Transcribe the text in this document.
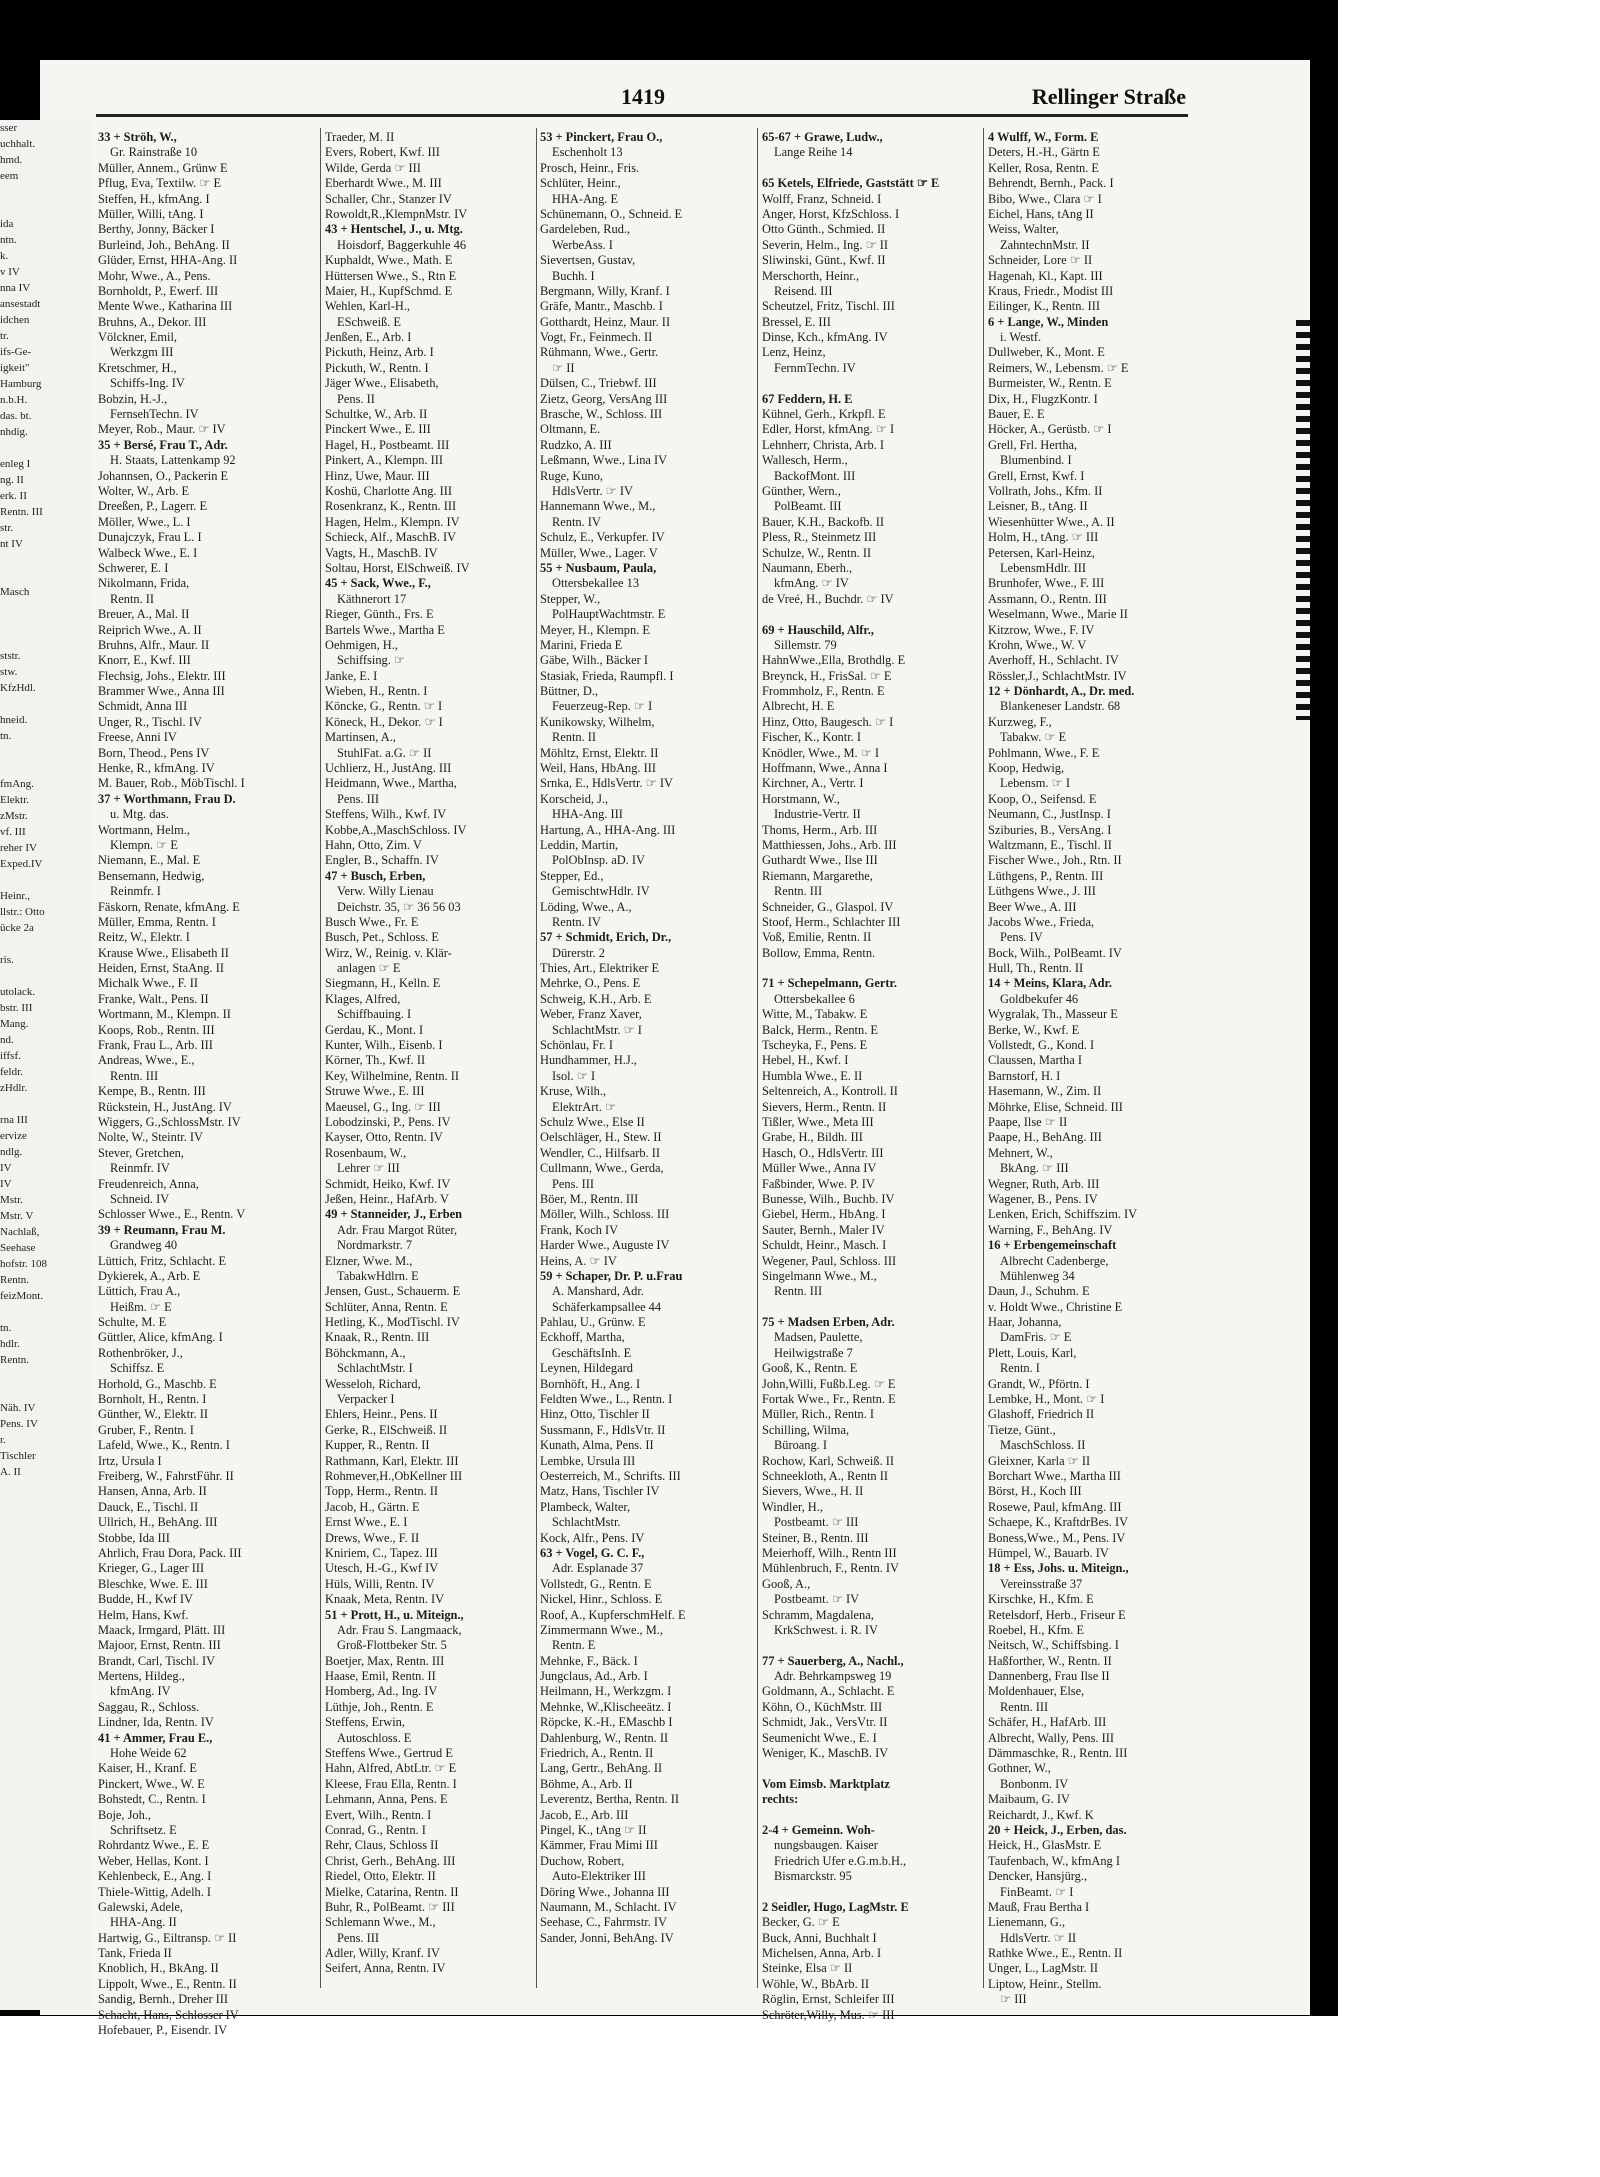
sser
uchhalt.
hmd.
eem
ida
ntn.
k.
v IV
nna IV
ansestadt
idchen
tr.
ifs-Ge-
igkeit"
Hamburg
n.b.H.
das. bt.
nhdig.
enleg I
ng. II
erk. II
Rentn. III
str.
nt IV
Masch
ststr.
stw.
KfzHdl.
hneid.
tn.
fmAng.
Elektr.
zMstr.
vf. III
reher IV
Exped.IV
Heinr.,
llstr.: Otto
ücke 2a
ris.
utolack.
bstr. III
Mang.
nd.
iffsf.
feldr.
zHdlr.
rna III
ervize
ndlg.
IV
IV
Mstr.
Mstr. V
Nachlaß,
Seehase
hofstr. 108
Rentn.
feizMont.
tn.
hdlr.
Rentn.
Näh. IV
Pens. IV
r.
Tischler
A. II
1419	Rellinger Straße
33 + Ströh, W.,
Gr. Rainstraße 10
Müller, Annem., Grünw E
Pflug, Eva, Textilw. ☞ E
Steffen, H., kfmAng. I
Müller, Willi, tAng. I
Berthy, Jonny, Bäcker I
Burleind, Joh., BehAng. II
Glüder, Ernst, HHA-Ang. II
Mohr, Wwe., A., Pens.
Bornholdt, P., Ewerf. III
Mente Wwe., Katharina III
Bruhns, A., Dekor. III
Völckner, Emil,
Werkzgm III
Kretschmer, H.,
Schiffs-Ing. IV
Bobzin, H.-J.,
FernsehTechn. IV
Meyer, Rob., Maur. ☞ IV
35 + Bersé, Frau T., Adr.
H. Staats, Lattenkamp 92
Johannsen, O., Packerin E
Wolter, W., Arb. E
Dreeßen, P., Lagerr. E
Möller, Wwe., L. I
Dunajczyk, Frau L. I
Walbeck Wwe., E. I
Schwerer, E. I
Nikolmann, Frida,
Rentn. II
Breuer, A., Mal. II
Reiprich Wwe., A. II
Bruhns, Alfr., Maur. II
Knorr, E., Kwf. III
Flechsig, Johs., Elektr. III
Brammer Wwe., Anna III
Schmidt, Anna III
Unger, R., Tischl. IV
Freese, Anni IV
Born, Theod., Pens IV
Henke, R., kfmAng. IV
M. Bauer, Rob., MöbTischl. I
37 + Worthmann, Frau D.
u. Mtg. das.
Wortmann, Helm.,
Klempn. ☞ E
Niemann, E., Mal. E
Bensemann, Hedwig,
Reinmfr. I
Fäskorn, Renate, kfmAng. E
Müller, Emma, Rentn. I
Reitz, W., Elektr. I
Krause Wwe., Elisabeth II
Heiden, Ernst, StaAng. II
Michalk Wwe., F. II
Franke, Walt., Pens. II
Wortmann, M., Klempn. II
Koops, Rob., Rentn. III
Frank, Frau L., Arb. III
Andreas, Wwe., E.,
Rentn. III
Kempe, B., Rentn. III
Rückstein, H., JustAng. IV
Wiggers, G.,SchlossMstr. IV
Nolte, W., Steintr. IV
Stever, Gretchen,
Reinmfr. IV
Freudenreich, Anna,
Schneid. IV
Schlosser Wwe., E., Rentn. V
39 + Reumann, Frau M.
Grandweg 40
Lüttich, Fritz, Schlacht. E
Dykierek, A., Arb. E
Lüttich, Frau A.,
Heißm. ☞ E
Schulte, M. E
Güttler, Alice, kfmAng. I
Rothenbröker, J.,
Schiffsz. E
Horhold, G., Maschb. E
Bornholt, H., Rentn. I
Günther, W., Elektr. II
Gruber, F., Rentn. I
Lafeld, Wwe., K., Rentn. I
Irtz, Ursula I
Freiberg, W., FahrstFühr. II
Hansen, Anna, Arb. II
Dauck, E., Tischl. II
Ullrich, H., BehAng. III
Stobbe, Ida III
Ahrlich, Frau Dora, Pack. III
Krieger, G., Lager III
Bleschke, Wwe. E. III
Budde, H., Kwf IV
Helm, Hans, Kwf.
Maack, Irmgard, Plätt. III
Majoor, Ernst, Rentn. III
Brandt, Carl, Tischl. IV
Mertens, Hildeg.,
kfmAng. IV
Saggau, R., Schloss.
Lindner, Ida, Rentn. IV
41 + Ammer, Frau E.,
Hohe Weide 62
Kaiser, H., Kranf. E
Pinckert, Wwe., W. E
Bohstedt, C., Rentn. I
Boje, Joh.,
Schriftsetz. E
Rohrdantz Wwe., E. E
Weber, Hellas, Kont. I
Kehlenbeck, E., Ang. I
Thiele-Wittig, Adelh. I
Galewski, Adele,
HHA-Ang. II
Hartwig, G., Eiltransp. ☞ II
Tank, Frieda II
Knoblich, H., BkAng. II
Lippolt, Wwe., E., Rentn. II
Sandig, Bernh., Dreher III
Schacht, Hans, Schlosser IV
Hofebauer, P., Eisendr. IV
Traeder, M. II
Evers, Robert, Kwf. III
Wilde, Gerda ☞ III
Eberhardt Wwe., M. III
Schaller, Chr., Stanzer IV
Rowoldt,R.,KlempnMstr. IV
43 + Hentschel, J., u. Mtg.
Hoisdorf, Baggerkuhle 46
Kuphaldt, Wwe., Math. E
Hüttersen Wwe., S., Rtn E
Maier, H., KupfSchmd. E
Wehlen, Karl-H.,
ESchweiß. E
Jenßen, E., Arb. I
Pickuth, Heinz, Arb. I
Pickuth, W., Rentn. I
Jäger Wwe., Elisabeth,
Pens. II
Schultke, W., Arb. II
Pinckert Wwe., E. III
Hagel, H., Postbeamt. III
Pinkert, A., Klempn. III
Hinz, Uwe, Maur. III
Koshü, Charlotte Ang. III
Rosenkranz, K., Rentn. III
Hagen, Helm., Klempn. IV
Schieck, Alf., MaschB. IV
Vagts, H., MaschB. IV
Soltau, Horst, ElSchweiß. IV
45 + Sack, Wwe., F.,
Käthnerort 17
Rieger, Günth., Frs. E
Bartels Wwe., Martha E
Oehmigen, H.,
Schiffsing. ☞
Janke, E. I
Wieben, H., Rentn. I
Köncke, G., Rentn. ☞ I
Köneck, H., Dekor. ☞ I
Martinsen, A.,
StuhlFat. a.G. ☞ II
Uchlierz, H., JustAng. III
Heidmann, Wwe., Martha,
Pens. III
Steffens, Wilh., Kwf. IV
Kobbe,A.,MaschSchloss. IV
Hahn, Otto, Zim. V
Engler, B., Schaffn. IV
47 + Busch, Erben,
Verw. Willy Lienau
Deichstr. 35, ☞ 36 56 03
Busch Wwe., Fr. E
Busch, Pet., Schloss. E
Wirz, W., Reinig. v. Klär-
anlagen ☞ E
Siegmann, H., Kelln. E
Klages, Alfred,
Schiffbauing. I
Gerdau, K., Mont. I
Kunter, Wilh., Eisenb. I
Körner, Th., Kwf. II
Key, Wilhelmine, Rentn. II
Struwe Wwe., E. III
Maeusel, G., Ing. ☞ III
Lobodzinski, P., Pens. IV
Kayser, Otto, Rentn. IV
Rosenbaum, W.,
Lehrer ☞ III
Schmidt, Heiko, Kwf. IV
Jeßen, Heinr., HafArb. V
49 + Stanneider, J., Erben
Adr. Frau Margot Rüter,
Nordmarkstr. 7
Elzner, Wwe. M.,
TabakwHdlrn. E
Jensen, Gust., Schauerm. E
Schlüter, Anna, Rentn. E
Hetling, K., ModTischl. IV
Knaak, R., Rentn. III
Böhckmann, A.,
SchlachtMstr. I
Wesseloh, Richard,
Verpacker I
Ehlers, Heinr., Pens. II
Gerke, R., ElSchweiß. II
Kupper, R., Rentn. II
Rathmann, Karl, Elektr. III
Rohmever,H.,ObKellner III
Topp, Herm., Rentn. II
Jacob, H., Gärtn. E
Ernst Wwe., E. I
Drews, Wwe., F. II
Kniriem, C., Tapez. III
Utesch, H.-G., Kwf IV
Hüls, Willi, Rentn. IV
Knaak, Meta, Rentn. IV
51 + Prott, H., u. Miteign.,
Adr. Frau S. Langmaack,
Groß-Flottbeker Str. 5
Boetjer, Max, Rentn. III
Haase, Emil, Rentn. II
Homberg, Ad., Ing. IV
Lüthje, Joh., Rentn. E
Steffens, Erwin,
Autoschloss. E
Steffens Wwe., Gertrud E
Hahn, Alfred, AbtLtr. ☞ E
Kleese, Frau Ella, Rentn. I
Lehmann, Anna, Pens. E
Evert, Wilh., Rentn. I
Conrad, G., Rentn. I
Rehr, Claus, Schloss II
Christ, Gerh., BehAng. III
Riedel, Otto, Elektr. II
Mielke, Catarina, Rentn. II
Buhr, R., PolBeamt. ☞ III
Schlemann Wwe., M.,
Pens. III
Adler, Willy, Kranf. IV
Seifert, Anna, Rentn. IV
53 + Pinckert, Frau O.,
Eschenholt 13
Prosch, Heinr., Fris.
Schlüter, Heinr.,
HHA-Ang. E
Schünemann, O., Schneid. E
Gardeleben, Rud.,
WerbeAss. I
Sievertsen, Gustav,
Buchh. I
Bergmann, Willy, Kranf. I
Gräfe, Mantr., Maschb. I
Gotthardt, Heinz, Maur. II
Vogt, Fr., Feinmech. II
Rühmann, Wwe., Gertr.
☞ II
Dülsen, C., Triebwf. III
Zietz, Georg, VersAng III
Brasche, W., Schloss. III
Oltmann, E.
Rudzko, A. III
Leßmann, Wwe., Lina IV
Ruge, Kuno,
HdlsVertr. ☞ IV
Hannemann Wwe., M.,
Rentn. IV
Schulz, E., Verkupfer. IV
Müller, Wwe., Lager. V
55 + Nusbaum, Paula,
Ottersbekallee 13
Stepper, W.,
PolHauptWachtmstr. E
Meyer, H., Klempn. E
Marini, Frieda E
Gäbe, Wilh., Bäcker I
Stasiak, Frieda, Raumpfl. I
Büttner, D.,
Feuerzeug-Rep. ☞ I
Kunikowsky, Wilhelm,
Rentn. II
Möhltz, Ernst, Elektr. II
Weil, Hans, HbAng. III
Srnka, E., HdlsVertr. ☞ IV
Korscheid, J.,
HHA-Ang. III
Hartung, A., HHA-Ang. III
Leddin, Martin,
PolObInsp. aD. IV
Stepper, Ed.,
GemischtwHdlr. IV
Löding, Wwe., A.,
Rentn. IV
57 + Schmidt, Erich, Dr.,
Dürerstr. 2
Thies, Art., Elektriker E
Mehrke, O., Pens. E
Schweig, K.H., Arb. E
Weber, Franz Xaver,
SchlachtMstr. ☞ I
Schönlau, Fr. I
Hundhammer, H.J.,
Isol. ☞ I
Kruse, Wilh.,
ElektrArt. ☞
Schulz Wwe., Else II
Oelschläger, H., Stew. II
Wendler, C., Hilfsarb. II
Cullmann, Wwe., Gerda,
Pens. III
Böer, M., Rentn. III
Möller, Wilh., Schloss. III
Frank, Koch IV
Harder Wwe., Auguste IV
Heins, A. ☞ IV
59 + Schaper, Dr. P. u.Frau
A. Manshard, Adr.
Schäferkampsallee 44
Pahlau, U., Grünw. E
Eckhoff, Martha,
GeschäftsInh. E
Leynen, Hildegard
Bornhöft, H., Ang. I
Feldten Wwe., L., Rentn. I
Hinz, Otto, Tischler II
Sussmann, F., HdlsVtr. II
Kunath, Alma, Pens. II
Lembke, Ursula III
Oesterreich, M., Schrifts. III
Matz, Hans, Tischler IV
Plambeck, Walter,
SchlachtMstr.
Kock, Alfr., Pens. IV
63 + Vogel, G. C. F.,
Adr. Esplanade 37
Vollstedt, G., Rentn. E
Nickel, Hinr., Schloss. E
Roof, A., KupferschmHelf. E
Zimmermann Wwe., M.,
Rentn. E
Mehnke, F., Bäck. I
Jungclaus, Ad., Arb. I
Heilmann, H., Werkzgm. I
Mehnke, W.,Klischeeätz. I
Röpcke, K.-H., EMaschb I
Dahlenburg, W., Rentn. II
Friedrich, A., Rentn. II
Lang, Gertr., BehAng. II
Böhme, A., Arb. II
Leverentz, Bertha, Rentn. II
Jacob, E., Arb. III
Pingel, K., tAng ☞ II
Kämmer, Frau Mimi III
Duchow, Robert,
Auto-Elektriker III
Döring Wwe., Johanna III
Naumann, M., Schlacht. IV
Seehase, C., Fahrmstr. IV
Sander, Jonni, BehAng. IV
65-67 + Grawe, Ludw.,
Lange Reihe 14
65 Ketels, Elfriede, Gaststätt ☞ E
Wolff, Franz, Schneid. I
Anger, Horst, KfzSchloss. I
Otto Günth., Schmied. II
Severin, Helm., Ing. ☞ II
Sliwinski, Günt., Kwf. II
Merschorth, Heinr.,
Reisend. III
Scheutzel, Fritz, Tischl. III
Bressel, E. III
Dinse, Kch., kfmAng. IV
Lenz, Heinz,
FernmTechn. IV
67 Feddern, H. E
Kühnel, Gerh., Krkpfl. E
Edler, Horst, kfmAng. ☞ I
Lehnherr, Christa, Arb. I
Wallesch, Herm.,
BackofMont. III
Günther, Wern.,
PolBeamt. III
Bauer, K.H., Backofb. II
Pless, R., Steinmetz III
Schulze, W., Rentn. II
Naumann, Eberh.,
kfmAng. ☞ IV
de Vreé, H., Buchdr. ☞ IV
69 + Hauschild, Alfr.,
Sillemstr. 79
HahnWwe.,Ella, Brothdlg. E
Breynck, H., FrisSal. ☞ E
Frommholz, F., Rentn. E
Albrecht, H. E
Hinz, Otto, Baugesch. ☞ I
Fischer, K., Kontr. I
Knödler, Wwe., M. ☞ I
Hoffmann, Wwe., Anna I
Kirchner, A., Vertr. I
Horstmann, W.,
Industrie-Vertr. II
Thoms, Herm., Arb. III
Matthiessen, Johs., Arb. III
Guthardt Wwe., Ilse III
Riemann, Margarethe,
Rentn. III
Schneider, G., Glaspol. IV
Stoof, Herm., Schlachter III
Voß, Emilie, Rentn. II
Bollow, Emma, Rentn.
71 + Schepelmann, Gertr.
Ottersbekallee 6
Witte, M., Tabakw. E
Balck, Herm., Rentn. E
Tscheyka, F., Pens. E
Hebel, H., Kwf. I
Humbla Wwe., E. II
Seltenreich, A., Kontroll. II
Sievers, Herm., Rentn. II
Tißler, Wwe., Meta III
Grabe, H., Bildh. III
Hasch, O., HdlsVertr. III
Müller Wwe., Anna IV
Faßbinder, Wwe. P. IV
Bunesse, Wilh., Buchb. IV
Giebel, Herm., HbAng. I
Sauter, Bernh., Maler IV
Schuldt, Heinr., Masch. I
Wegener, Paul, Schloss. III
Singelmann Wwe., M.,
Rentn. III
75 + Madsen Erben, Adr.
Madsen, Paulette,
Heilwigstraße 7
Gooß, K., Rentn. E
John,Willi, Fußb.Leg. ☞ E
Fortak Wwe., Fr., Rentn. E
Müller, Rich., Rentn. I
Schilling, Wilma,
Büroang. I
Rochow, Karl, Schweiß. II
Schneekloth, A., Rentn II
Sievers, Wwe., H. II
Windler, H.,
Postbeamt. ☞ III
Steiner, B., Rentn. III
Meierhoff, Wilh., Rentn III
Mühlenbruch, F., Rentn. IV
Gooß, A.,
Postbeamt. ☞ IV
Schramm, Magdalena,
KrkSchwest. i. R. IV
77 + Sauerberg, A., Nachl.,
Adr. Behrkampsweg 19
Goldmann, A., Schlacht. E
Köhn, O., KüchMstr. III
Schmidt, Jak., VersVtr. II
Seumenicht Wwe., E. I
Weniger, K., MaschB. IV
Vom Eimsb. Marktplatz
rechts:
2-4 + Gemeinn. Woh-
nungsbaugen. Kaiser
Friedrich Ufer e.G.m.b.H.,
Bismarckstr. 95
2 Seidler, Hugo, LagMstr. E
Becker, G. ☞ E
Buck, Anni, Buchhalt I
Michelsen, Anna, Arb. I
Steinke, Elsa ☞ II
Wöhle, W., BbArb. II
Röglin, Ernst, Schleifer III
Schröter,Willy, Mus. ☞ III
4 Wulff, W., Form. E
Deters, H.-H., Gärtn E
Keller, Rosa, Rentn. E
Behrendt, Bernh., Pack. I
Bibo, Wwe., Clara ☞ I
Eichel, Hans, tAng II
Weiss, Walter,
ZahntechnMstr. II
Schneider, Lore ☞ II
Hagenah, Kl., Kapt. III
Kraus, Friedr., Modist III
Eilinger, K., Rentn. III
6 + Lange, W., Minden
i. Westf.
Dullweber, K., Mont. E
Reimers, W., Lebensm. ☞ E
Burmeister, W., Rentn. E
Dix, H., FlugzKontr. I
Bauer, E. E
Höcker, A., Gerüstb. ☞ I
Grell, Frl. Hertha,
Blumenbind. I
Grell, Ernst, Kwf. I
Vollrath, Johs., Kfm. II
Leisner, B., tAng. II
Wiesenhütter Wwe., A. II
Holm, H., tAng. ☞ III
Petersen, Karl-Heinz,
LebensmHdlr. III
Brunhofer, Wwe., F. III
Assmann, O., Rentn. III
Weselmann, Wwe., Marie II
Kitzrow, Wwe., F. IV
Krohn, Wwe., W. V
Averhoff, H., Schlacht. IV
Rössler,J., SchlachtMstr. IV
12 + Dönhardt, A., Dr. med.
Blankeneser Landstr. 68
Kurzweg, F.,
Tabakw. ☞ E
Pohlmann, Wwe., F. E
Koop, Hedwig,
Lebensm. ☞ I
Koop, O., Seifensd. E
Neumann, C., JustInsp. I
Sziburies, B., VersAng. I
Waltzmann, E., Tischl. II
Fischer Wwe., Joh., Rtn. II
Lüthgens, P., Rentn. III
Lüthgens Wwe., J. III
Beer Wwe., A. III
Jacobs Wwe., Frieda,
Pens. IV
Bock, Wilh., PolBeamt. IV
Hull, Th., Rentn. II
14 + Meins, Klara, Adr.
Goldbekufer 46
Wygralak, Th., Masseur E
Berke, W., Kwf. E
Vollstedt, G., Kond. I
Claussen, Martha I
Barnstorf, H. I
Hasemann, W., Zim. II
Möhrke, Elise, Schneid. III
Paape, Ilse ☞ II
Paape, H., BehAng. III
Mehnert, W.,
BkAng. ☞ III
Wegner, Ruth, Arb. III
Wagener, B., Pens. IV
Lenken, Erich, Schiffszim. IV
Warning, F., BehAng. IV
16 + Erbengemeinschaft
Albrecht Cadenberge,
Mühlenweg 34
Daun, J., Schuhm. E
v. Holdt Wwe., Christine E
Haar, Johanna,
DamFris. ☞ E
Plett, Louis, Karl,
Rentn. I
Grandt, W., Pförtn. I
Lembke, H., Mont. ☞ I
Glashoff, Friedrich II
Tietze, Günt.,
MaschSchloss. II
Gleixner, Karla ☞ II
Borchart Wwe., Martha III
Börst, H., Koch III
Rosewe, Paul, kfmAng. III
Schaepe, K., KraftdrBes. IV
Boness,Wwe., M., Pens. IV
Hümpel, W., Bauarb. IV
18 + Ess, Johs. u. Miteign.,
Vereinsstraße 37
Kirschke, H., Kfm. E
Retelsdorf, Herb., Friseur E
Roebel, H., Kfm. E
Neitsch, W., Schiffsbing. I
Haßforther, W., Rentn. II
Dannenberg, Frau Ilse II
Moldenhauer, Else,
Rentn. III
Schäfer, H., HafArb. III
Albrecht, Wally, Pens. III
Dämmaschke, R., Rentn. III
Gothner, W.,
Bonbonm. IV
Maibaum, G. IV
Reichardt, J., Kwf. K
20 + Heick, J., Erben, das.
Heick, H., GlasMstr. E
Taufenbach, W., kfmAng I
Dencker, Hansjürg.,
FinBeamt. ☞ I
Mauß, Frau Bertha I
Lienemann, G.,
HdlsVertr. ☞ II
Rathke Wwe., E., Rentn. II
Unger, L., LagMstr. II
Liptow, Heinr., Stellm.
☞ III
